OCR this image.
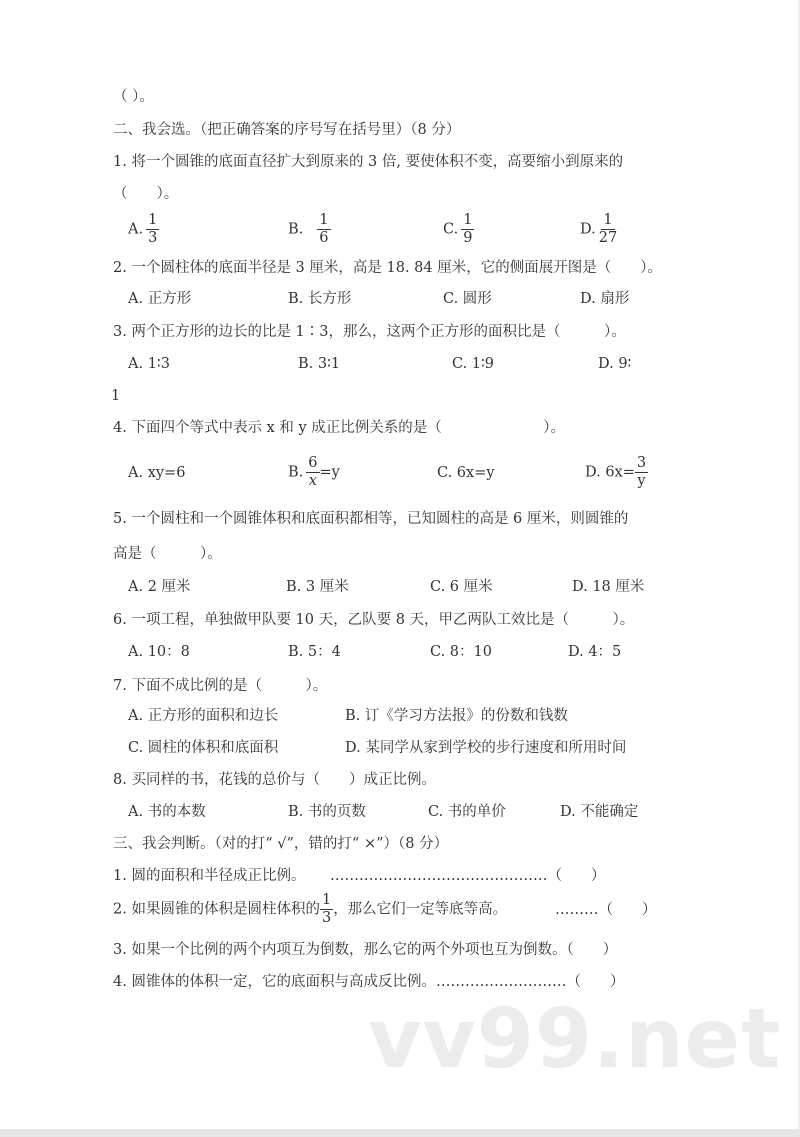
（ ）。
二、我会选。（把正确答案的序号写在括号里）（8 分）
1. 将一个圆锥的底面直径扩大到原来的 3 倍, 要使体积不变，高要缩小到原来的
（　　）。
A. $\frac{1}{3}$	B. $\frac{1}{6}$	C. $\frac{1}{9}$	D. $\frac{1}{27}$
2. 一个圆柱体的底面半径是 3 厘米，高是 18. 84 厘米，它的侧面展开图是（　　）。
A. 正方形	B. 长方形	C. 圆形	D. 扇形
3. 两个正方形的边长的比是 1∶3，那么，这两个正方形的面积比是（　　　）。
A. 1∶3	B. 3∶1	C. 1∶9	D. 9∶
1
4. 下面四个等式中表示 x 和 y 成正比例关系的是（　　　　　　　）。
A. xy=6	B. $\frac{6}{x} =y$	C. 6x=y	D. $6x= \frac{3}{y}$
5. 一个圆柱和一个圆锥体积和底面积都相等，已知圆柱的高是 6 厘米，则圆锥的
高是（　　　）。
A. 2 厘米	B. 3 厘米	C. 6 厘米	D. 18 厘米
6. 一项工程，单独做甲队要 10 天，乙队要 8 天，甲乙两队工效比是（　　　）。
A. 10：8	B. 5：4	C. 8：10	D. 4：5
7. 下面不成比例的是（　　　）。
A. 正方形的面积和边长	B. 订《学习方法报》的份数和钱数
C. 圆柱的体积和底面积	D. 某同学从家到学校的步行速度和所用时间
8. 买同样的书，花钱的总价与（　　）成正比例。
A. 书的本数	B. 书的页数	C. 书的单价	D. 不能确定
三、我会判断。（对的打“ √”，错的打“ ×”）（8 分）
1. 圆的面积和半径成正比例。 ………………………………………（　　）
2. 如果圆锥的体积是圆柱体积的 $\frac{1}{3}$ ，那么它们一定等底等高。	………（　　）
3. 如果一个比例的两个内项互为倒数，那么它的两个外项也互为倒数。（　　）
4. 圆锥体的体积一定，它的底面积与高成反比例。 ………………………（　　）
vv99.net
